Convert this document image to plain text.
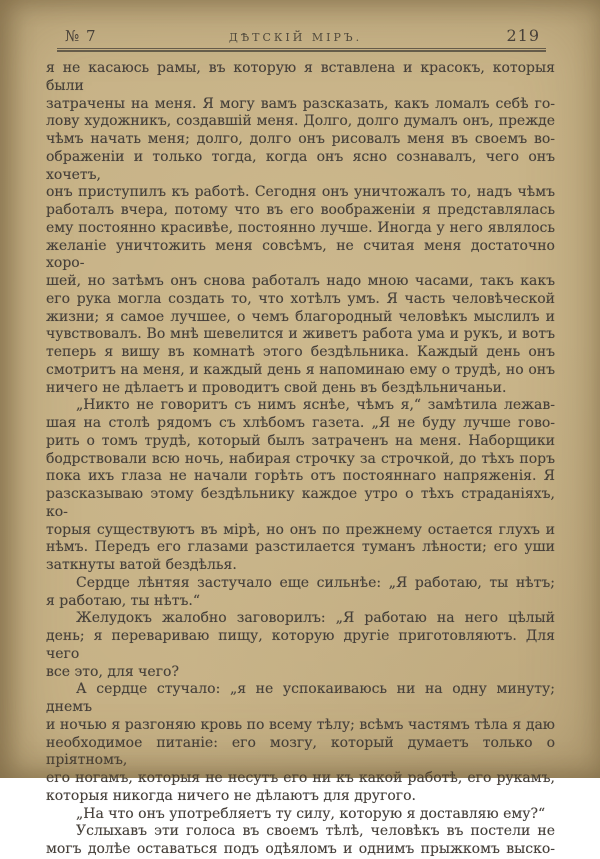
№ 7	ДѢТСКІЙ МІРЪ.	219

я не касаюсь рамы, въ которую я вставлена и красокъ, которыя были
затрачены на меня. Я могу вамъ разсказать, какъ ломалъ себѣ го-
лову художникъ, создавшій меня. Долго, долго думалъ онъ, прежде
чѣмъ начать меня; долго, долго онъ рисовалъ меня въ своемъ во-
ображеніи и только тогда, когда онъ ясно сознавалъ, чего онъ хочетъ,
онъ приступилъ къ работѣ. Сегодня онъ уничтожалъ то, надъ чѣмъ
работалъ вчера, потому что въ его воображеніи я представлялась
ему постоянно красивѣе, постоянно лучше. Иногда у него являлось
желаніе уничтожить меня совсѣмъ, не считая меня достаточно хоро-
шей, но затѣмъ онъ снова работалъ надо мною часами, такъ какъ
его рука могла создать то, что хотѣлъ умъ. Я часть человѣческой
жизни; я самое лучшее, о чемъ благородный человѣкъ мыслилъ и
чувствовалъ. Во мнѣ шевелится и живетъ работа ума и рукъ, и вотъ
теперь я вишу въ комнатѣ этого бездѣльника. Каждый день онъ
смотритъ на меня, и каждый день я напоминаю ему о трудѣ, но онъ
ничего не дѣлаетъ и проводитъ свой день въ бездѣльничаньи.

„Никто не говоритъ съ нимъ яснѣе, чѣмъ я,“ замѣтила лежав-
шая на столѣ рядомъ съ хлѣбомъ газета. „Я не буду лучше гово-
рить о томъ трудѣ, который былъ затраченъ на меня. Наборщики
бодрствовали всю ночь, набирая строчку за строчкой, до тѣхъ поръ
пока ихъ глаза не начали горѣть отъ постояннаго напряженія. Я
разсказываю этому бездѣльнику каждое утро о тѣхъ страданіяхъ, ко-
торыя существуютъ въ мірѣ, но онъ по прежнему остается глухъ и
нѣмъ. Передъ его глазами разстилается туманъ лѣности; его уши
заткнуты ватой бездѣлья.

Сердце лѣнтяя застучало еще сильнѣе: „Я работаю, ты нѣтъ;
я работаю, ты нѣтъ.“

Желудокъ жалобно заговорилъ: „Я работаю на него цѣлый
день; я перевариваю пищу, которую другіе приготовляютъ. Для чего
все это, для чего?

А сердце стучало: „я не успокаиваюсь ни на одну минуту; днемъ
и ночью я разгоняю кровь по всему тѣлу; всѣмъ частямъ тѣла я даю
необходимое питаніе: его мозгу, который думаетъ только о пріятномъ,
его ногамъ, которыя не несутъ его ни къ какой работѣ, его рукамъ,
которыя никогда ничего не дѣлаютъ для другого.

„На что онъ употребляетъ ту силу, которую я доставляю ему?“

Услыхавъ эти голоса въ своемъ тѣлѣ, человѣкъ въ постели не
могъ долѣе оставаться подъ одѣяломъ и однимъ прыжкомъ выско-
